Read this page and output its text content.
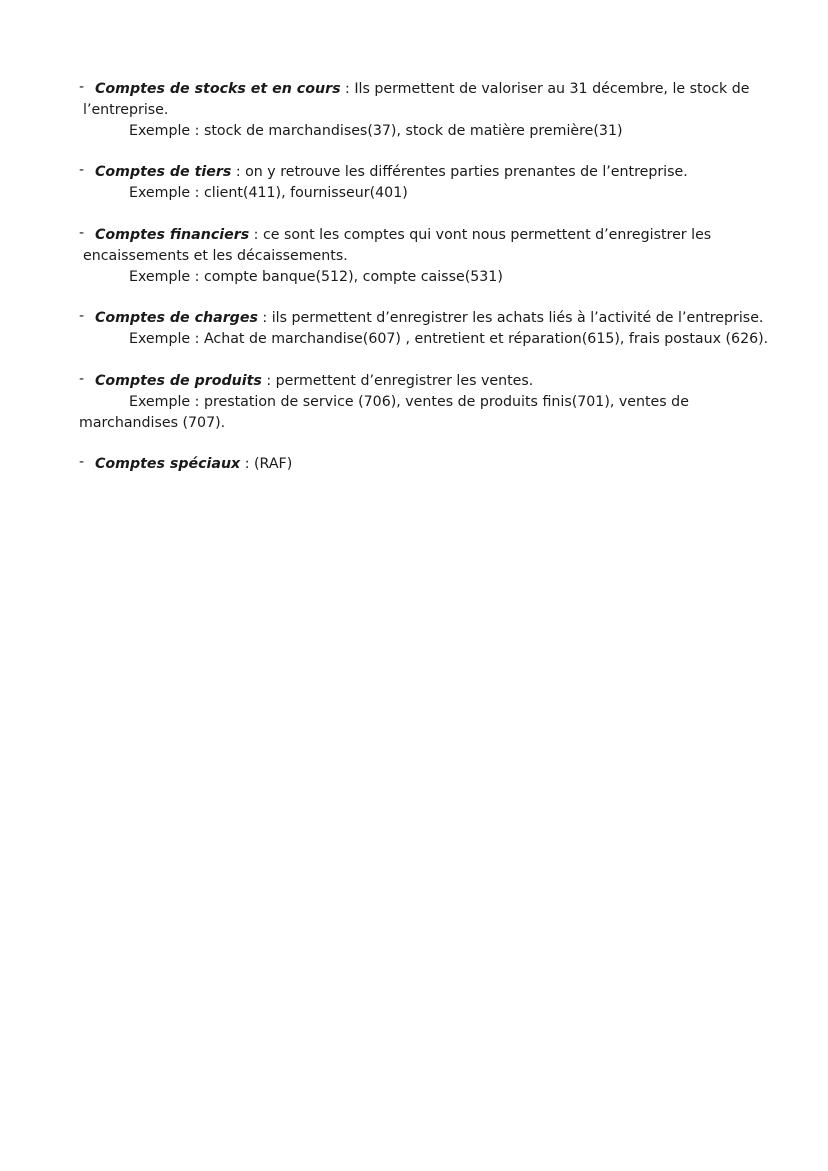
- Comptes de stocks et en cours : Ils permettent de valoriser au 31 décembre, le stock de
l’entreprise.
Exemple : stock de marchandises(37), stock de matière première(31)
- Comptes de tiers : on y retrouve les différentes parties prenantes de l’entreprise.
Exemple : client(411), fournisseur(401)
- Comptes financiers : ce sont les comptes qui vont nous permettent d’enregistrer les
encaissements et les décaissements.
Exemple : compte banque(512), compte caisse(531)
- Comptes de charges : ils permettent d’enregistrer les achats liés à l’activité de l’entreprise.
Exemple : Achat de marchandise(607) , entretient et réparation(615), frais postaux (626).
- Comptes de produits : permettent d’enregistrer les ventes.
Exemple : prestation de service (706), ventes de produits finis(701), ventes de
marchandises (707).
- Comptes spéciaux : (RAF)
